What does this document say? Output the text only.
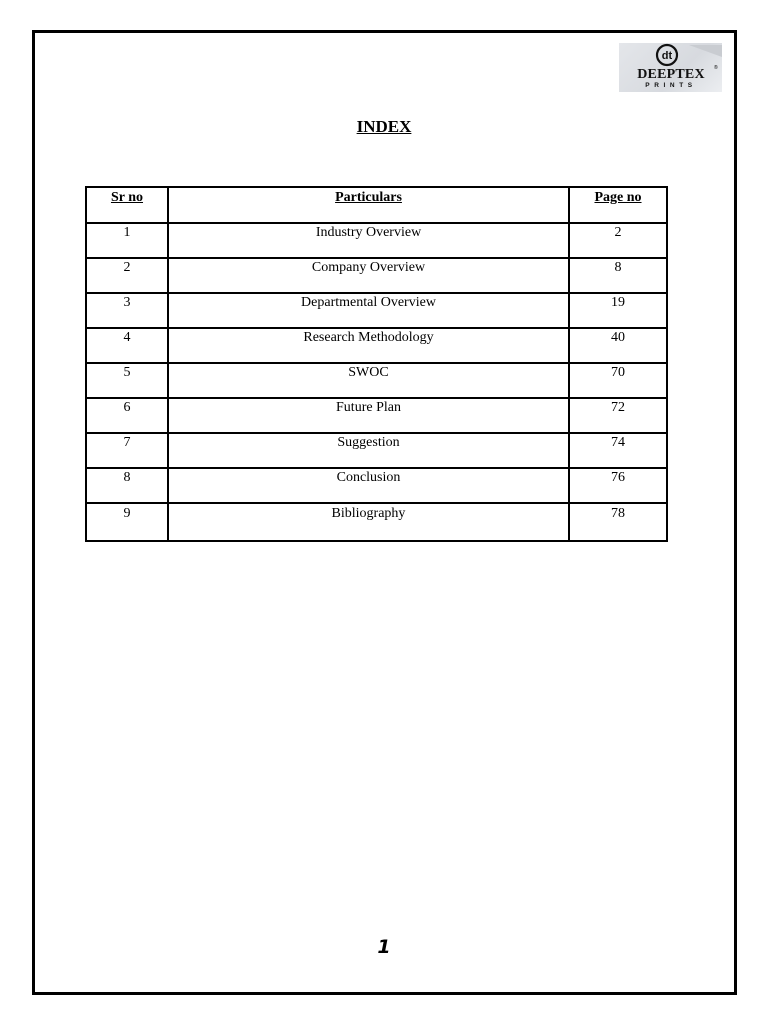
dt
DEEPTEX	®
PRINTS
INDEX
Sr no	Particulars	Page no
1	Industry Overview	2
2	Company Overview	8
3	Departmental Overview	19
4	Research Methodology	40
5	SWOC	70
6	Future Plan	72
7	Suggestion	74
8	Conclusion	76
9	Bibliography	78
1
